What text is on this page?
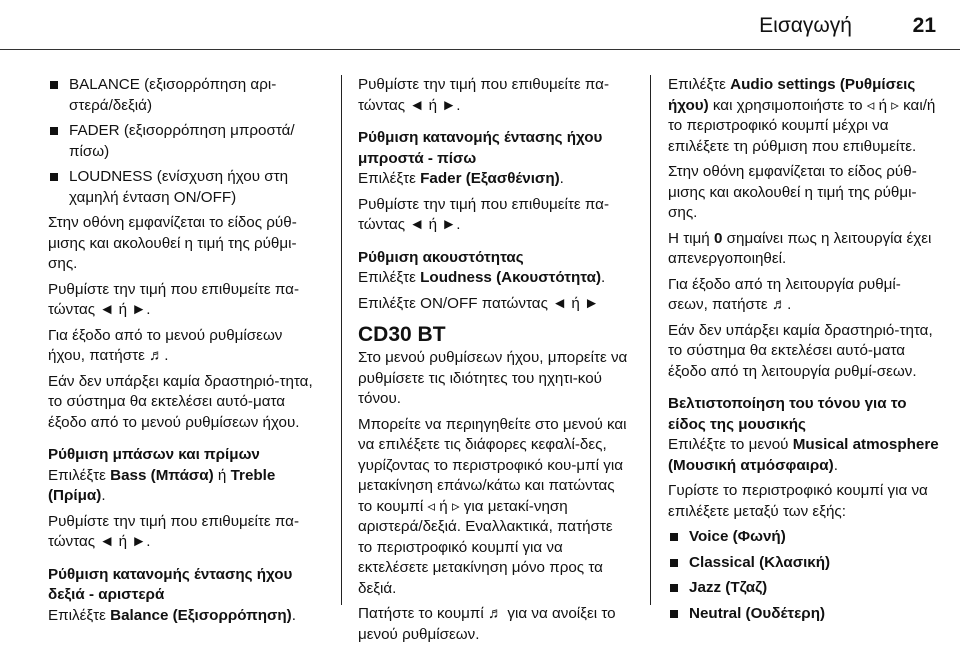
Εισαγωγή	21
BALANCE (εξισορρόπηση αρι-στερά/δεξιά)
FADER (εξισορρόπηση μπροστά/πίσω)
LOUDNESS (ενίσχυση ήχου στη χαμηλή ένταση ON/OFF)

Στην οθόνη εμφανίζεται το είδος ρύθ-μισης και ακολουθεί η τιμή της ρύθμι-σης.

Ρυθμίστε την τιμή που επιθυμείτε πα-τώντας ◄ ή ►.

Για έξοδο από το μενού ρυθμίσεων ήχου, πατήστε ♬.

Εάν δεν υπάρξει καμία δραστηριό-τητα, το σύστημα θα εκτελέσει αυτό-ματα έξοδο από το μενού ρυθμίσεων ήχου.

Ρύθμιση μπάσων και πρίμων

Επιλέξτε Bass (Μπάσα) ή Treble (Πρίμα).

Ρυθμίστε την τιμή που επιθυμείτε πα-τώντας ◄ ή ►.

Ρύθμιση κατανομής έντασης ήχου δεξιά - αριστερά

Επιλέξτε Balance (Εξισορρόπηση).

Ρυθμίστε την τιμή που επιθυμείτε πα-τώντας ◄ ή ►.

Ρύθμιση κατανομής έντασης ήχου μπροστά - πίσω

Επιλέξτε Fader (Εξασθένιση).

Ρυθμίστε την τιμή που επιθυμείτε πα-τώντας ◄ ή ►.

Ρύθμιση ακουστότητας

Επιλέξτε Loudness (Ακουστότητα).

Επιλέξτε ON/OFF πατώντας ◄ ή ►

CD30 BT

Στο μενού ρυθμίσεων ήχου, μπορείτε να ρυθμίσετε τις ιδιότητες του ηχητι-κού τόνου.

Μπορείτε να περιηγηθείτε στο μενού και να επιλέξετε τις διάφορες κεφαλί-δες, γυρίζοντας το περιστροφικό κου-μπί για μετακίνηση επάνω/κάτω και πατώντας το κουμπί ◃ ή ▹ για μετακί-νηση αριστερά/δεξιά. Εναλλακτικά, πατήστε το περιστροφικό κουμπί για να εκτελέσετε μετακίνηση μόνο προς τα δεξιά.

Πατήστε το κουμπί ♬ για να ανοίξει το μενού ρυθμίσεων.

Επιλέξτε Audio settings (Ρυθμίσεις ήχου) και χρησιμοποιήστε το ◃ ή ▹ και/ή το περιστροφικό κουμπί μέχρι να επιλέξετε τη ρύθμιση που επιθυμείτε.

Στην οθόνη εμφανίζεται το είδος ρύθ-μισης και ακολουθεί η τιμή της ρύθμι-σης.

Η τιμή 0 σημαίνει πως η λειτουργία έχει απενεργοποιηθεί.

Για έξοδο από τη λειτουργία ρυθμί-σεων, πατήστε ♬.

Εάν δεν υπάρξει καμία δραστηριό-τητα, το σύστημα θα εκτελέσει αυτό-ματα έξοδο από τη λειτουργία ρυθμί-σεων.

Βελτιστοποίηση του τόνου για το είδος της μουσικής

Επιλέξτε το μενού Musical atmosphere (Μουσική ατμόσφαιρα).

Γυρίστε το περιστροφικό κουμπί για να επιλέξετε μεταξύ των εξής:

Voice (Φωνή)
Classical (Κλασική)
Jazz (Τζαζ)
Neutral (Ουδέτερη)
